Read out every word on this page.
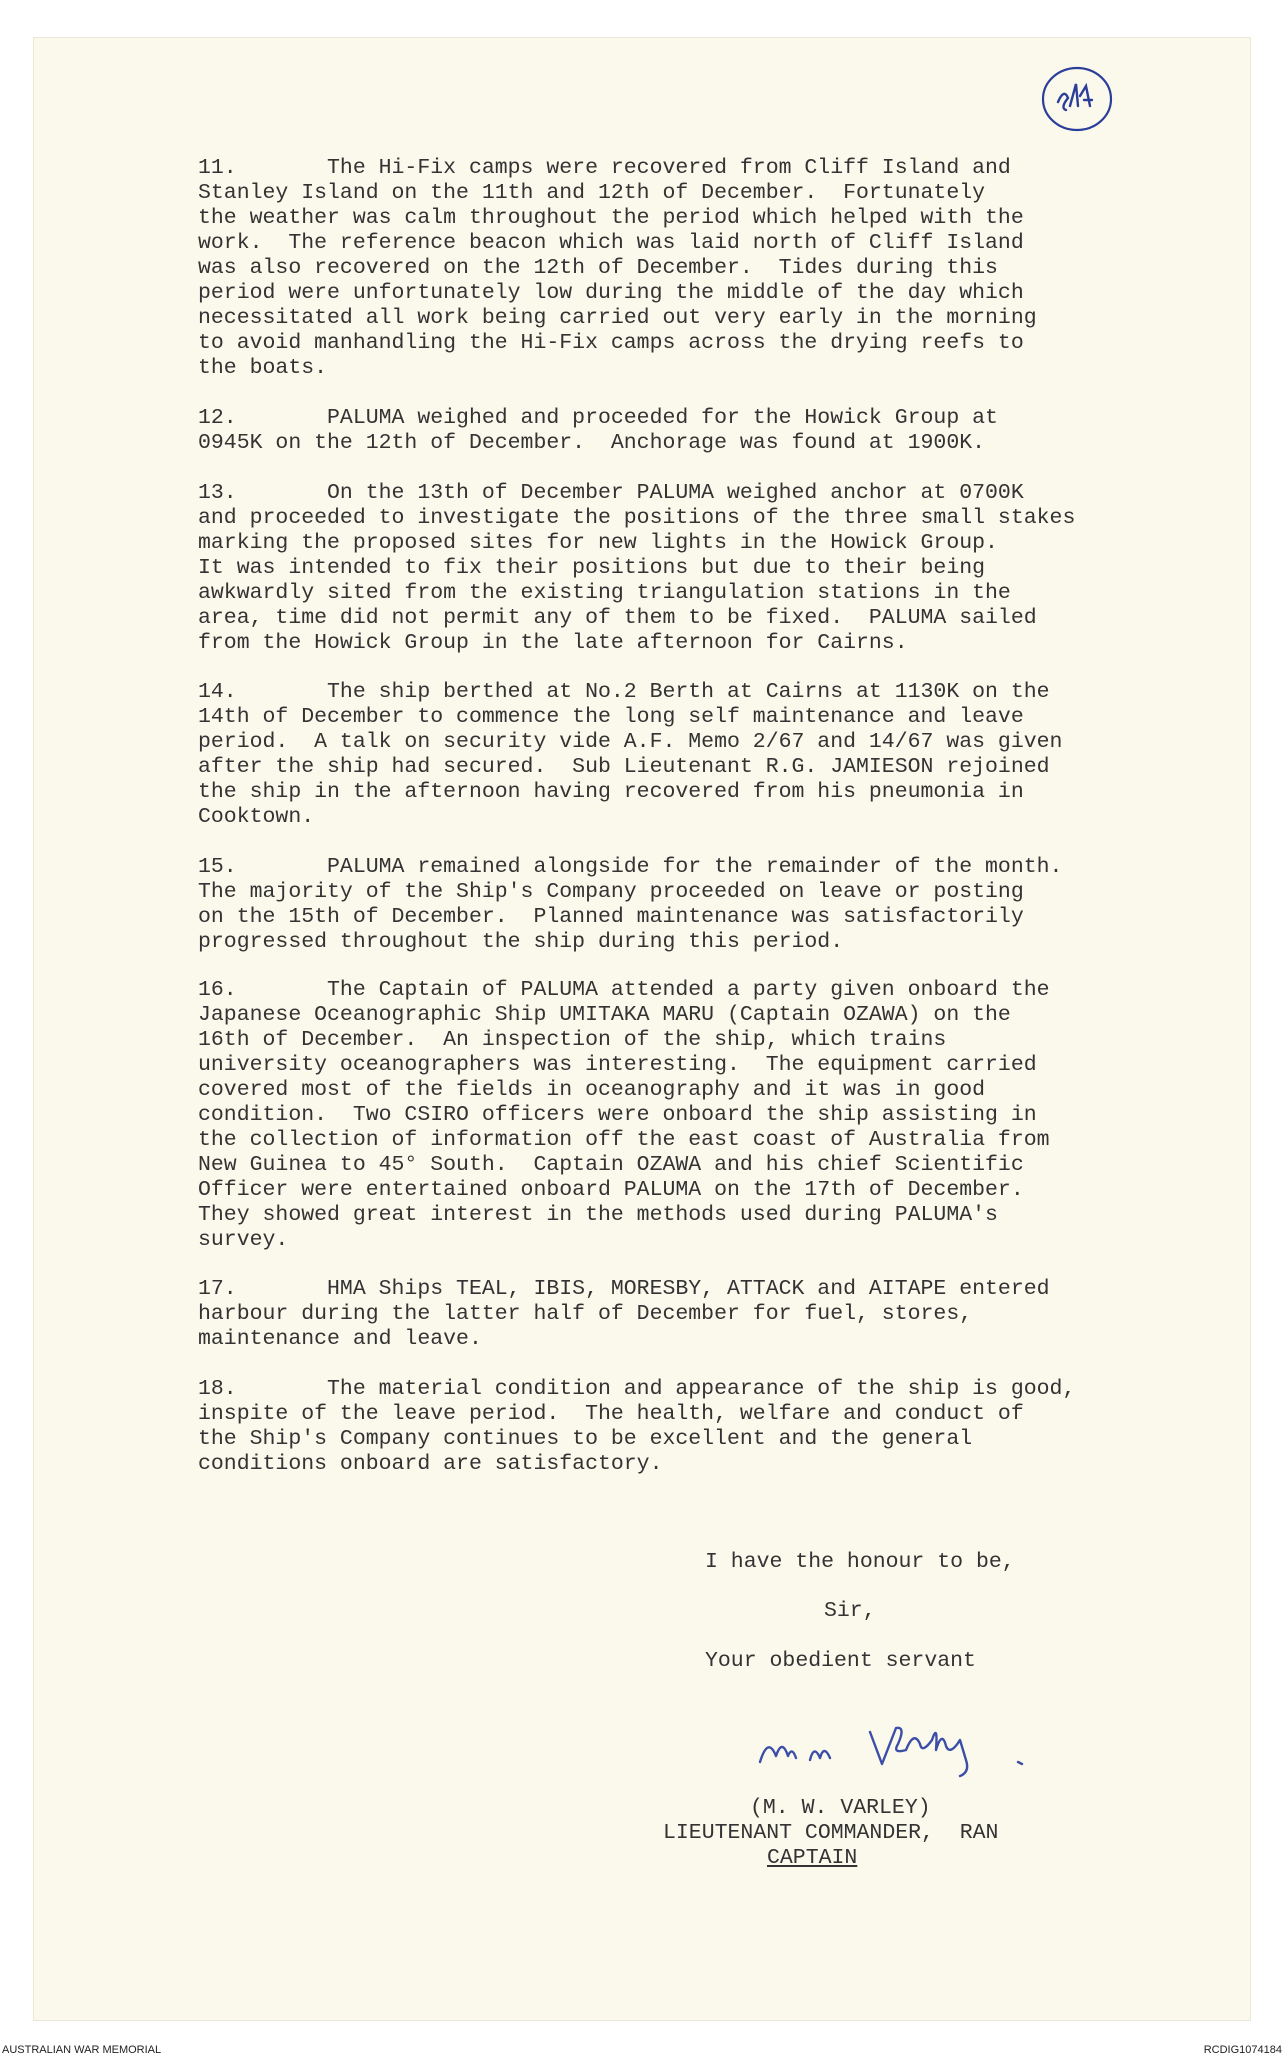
11.       The Hi-Fix camps were recovered from Cliff Island and
Stanley Island on the 11th and 12th of December.  Fortunately
the weather was calm throughout the period which helped with the
work.  The reference beacon which was laid north of Cliff Island
was also recovered on the 12th of December.  Tides during this
period were unfortunately low during the middle of the day which
necessitated all work being carried out very early in the morning
to avoid manhandling the Hi-Fix camps across the drying reefs to
the boats.
12.       PALUMA weighed and proceeded for the Howick Group at
0945K on the 12th of December.  Anchorage was found at 1900K.
13.       On the 13th of December PALUMA weighed anchor at 0700K
and proceeded to investigate the positions of the three small stakes
marking the proposed sites for new lights in the Howick Group.
It was intended to fix their positions but due to their being
awkwardly sited from the existing triangulation stations in the
area, time did not permit any of them to be fixed.  PALUMA sailed
from the Howick Group in the late afternoon for Cairns.
14.       The ship berthed at No.2 Berth at Cairns at 1130K on the
14th of December to commence the long self maintenance and leave
period.  A talk on security vide A.F. Memo 2/67 and 14/67 was given
after the ship had secured.  Sub Lieutenant R.G. JAMIESON rejoined
the ship in the afternoon having recovered from his pneumonia in
Cooktown.
15.       PALUMA remained alongside for the remainder of the month.
The majority of the Ship's Company proceeded on leave or posting
on the 15th of December.  Planned maintenance was satisfactorily
progressed throughout the ship during this period.
16.       The Captain of PALUMA attended a party given onboard the
Japanese Oceanographic Ship UMITAKA MARU (Captain OZAWA) on the
16th of December.  An inspection of the ship, which trains
university oceanographers was interesting.  The equipment carried
covered most of the fields in oceanography and it was in good
condition.  Two CSIRO officers were onboard the ship assisting in
the collection of information off the east coast of Australia from
New Guinea to 45° South.  Captain OZAWA and his chief Scientific
Officer were entertained onboard PALUMA on the 17th of December.
They showed great interest in the methods used during PALUMA's
survey.
17.       HMA Ships TEAL, IBIS, MORESBY, ATTACK and AITAPE entered
harbour during the latter half of December for fuel, stores,
maintenance and leave.
18.       The material condition and appearance of the ship is good,
inspite of the leave period.  The health, welfare and conduct of
the Ship's Company continues to be excellent and the general
conditions onboard are satisfactory.
I have the honour to be,
Sir,
Your obedient servant
(M. W. VARLEY)
LIEUTENANT COMMANDER,  RAN
CAPTAIN
AUSTRALIAN WAR MEMORIAL	RCDIG1074184
